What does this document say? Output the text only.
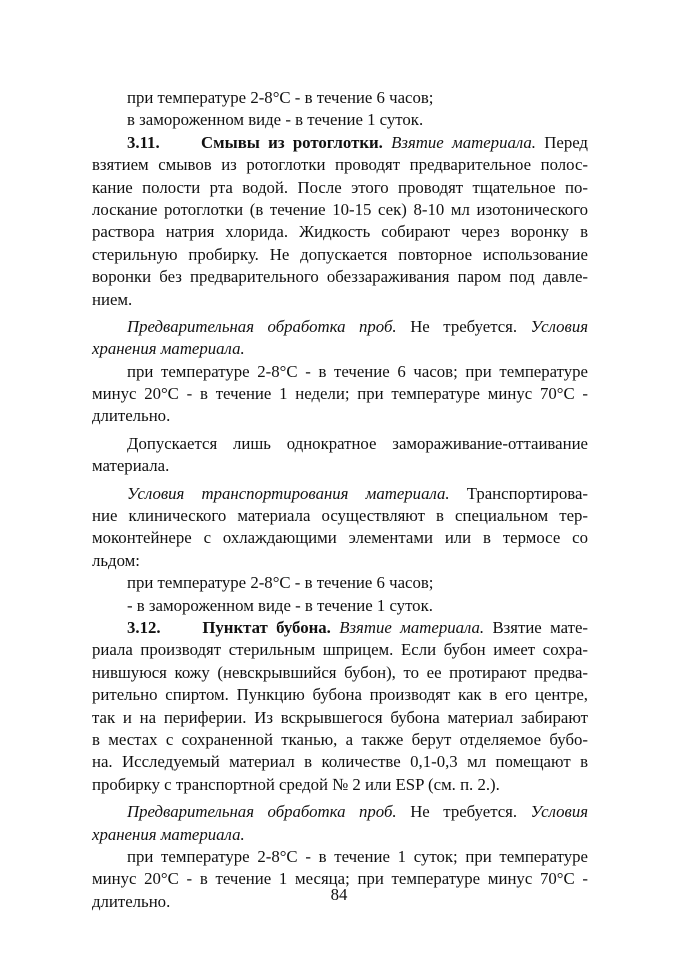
при температуре 2-8°С - в течение 6 часов;
в замороженном виде - в течение 1 суток.
3.11. Смывы из ротоглотки. Взятие материала. Перед
взятием смывов из ротоглотки проводят предварительное полос-
кание полости рта водой. После этого проводят тщательное по-
лоскание ротоглотки (в течение 10-15 сек) 8-10 мл изотонического
раствора натрия хлорида. Жидкость собирают через воронку в
стерильную пробирку. Не допускается повторное использование
воронки без предварительного обеззараживания паром под давле-
нием.
Предварительная обработка проб. Не требуется. Условия
хранения материала.
при температуре 2-8°С - в течение 6 часов; при температуре
минус 20°С - в течение 1 недели; при температуре минус 70°С -
длительно.
Допускается лишь однократное замораживание-оттаивание
материала.
Условия транспортирования материала. Транспортирова-
ние клинического материала осуществляют в специальном тер-
моконтейнере с охлаждающими элементами или в термосе со
льдом:
при температуре 2-8°С - в течение 6 часов;
- в замороженном виде - в течение 1 суток.
3.12. Пунктат бубона. Взятие материала. Взятие мате-
риала производят стерильным шприцем. Если бубон имеет сохра-
нившуюся кожу (невскрывшийся бубон), то ее протирают предва-
рительно спиртом. Пункцию бубона производят как в его центре,
так и на периферии. Из вскрывшегося бубона материал забирают
в местах с сохраненной тканью, а также берут отделяемое бубо-
на. Исследуемый материал в количестве 0,1-0,3 мл помещают в
пробирку с транспортной средой № 2 или ESP (см. п. 2.).
Предварительная обработка проб. Не требуется. Условия
хранения материала.
при температуре 2-8°С - в течение 1 суток; при температуре
минус 20°С - в течение 1 месяца; при температуре минус 70°С -
длительно.	84
